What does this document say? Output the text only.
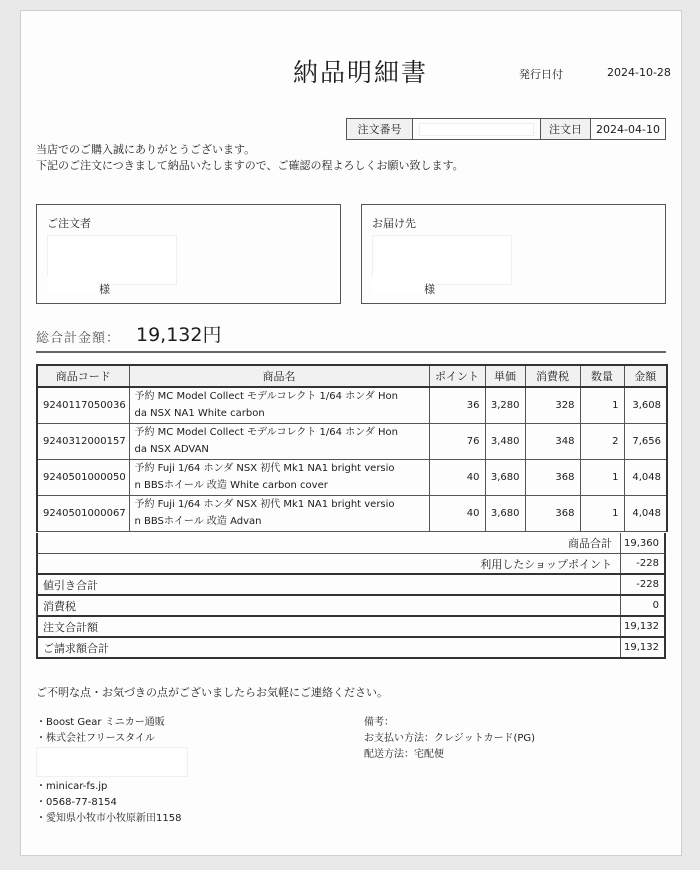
納品明細書	発行日付	2024-10-28
注文番号	注文日	2024-04-10
当店でのご購入誠にありがとうございます。
下記のご注文につきまして納品いたしますので、ご確認の程よろしくお願い致します。
ご注文者
様
お届け先
様
総合計金額： 19,132円
商品コード	商品名	ポイント	単価	消費税	数量	金額
9240117050036	予約 MC Model Collect モデルコレクト 1/64 ホンダ Hon
da NSX NA1 White carbon	36	3,280	328	1	3,608
9240312000157	予約 MC Model Collect モデルコレクト 1/64 ホンダ Hon
da NSX ADVAN	76	3,480	348	2	7,656
9240501000050	予約 Fuji 1/64 ホンダ NSX 初代 Mk1 NA1 bright versio
n BBSホイール 改造 White carbon cover	40	3,680	368	1	4,048
9240501000067	予約 Fuji 1/64 ホンダ NSX 初代 Mk1 NA1 bright versio
n BBSホイール 改造 Advan	40	3,680	368	1	4,048
商品合計	19,360
利用したショップポイント	-228
値引き合計	-228
消費税	0
注文合計額	19,132
ご請求額合計	19,132
ご不明な点・お気づきの点がございましたらお気軽にご連絡ください。
・Boost Gear ミニカー通販
・株式会社フリースタイル
・minicar-fs.jp
・0568-77-8154
・愛知県小牧市小牧原新田1158
備考：
お支払い方法：クレジットカード(PG)
配送方法：宅配便
